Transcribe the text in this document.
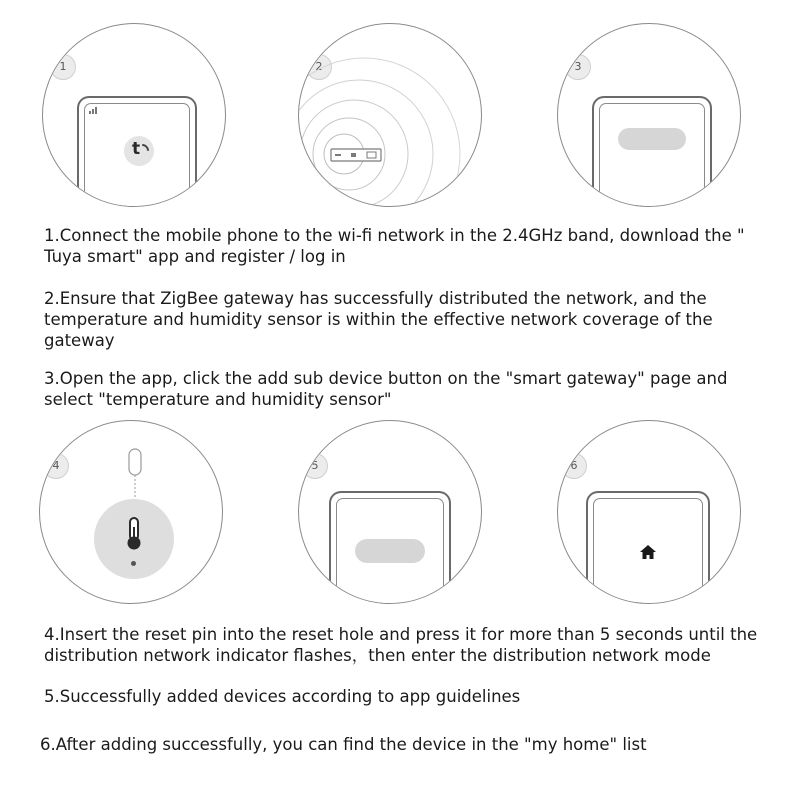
1
t
2	3

1.Connect the mobile phone to the wi-fi network in the 2.4GHz band, download the " Tuya smart" app and register / log in

2.Ensure that ZigBee gateway has successfully distributed the network, and the temperature and humidity sensor is within the effective network coverage of the gateway

3.Open the app, click the add sub device button on the "smart gateway" page and select "temperature and humidity sensor"

4	5	6

4.Insert the reset pin into the reset hole and press it for more than 5 seconds until the distribution network indicator flashes，then enter the distribution network mode

5.Successfully added devices according to app guidelines

6.After adding successfully, you can find the device in the "my home" list
